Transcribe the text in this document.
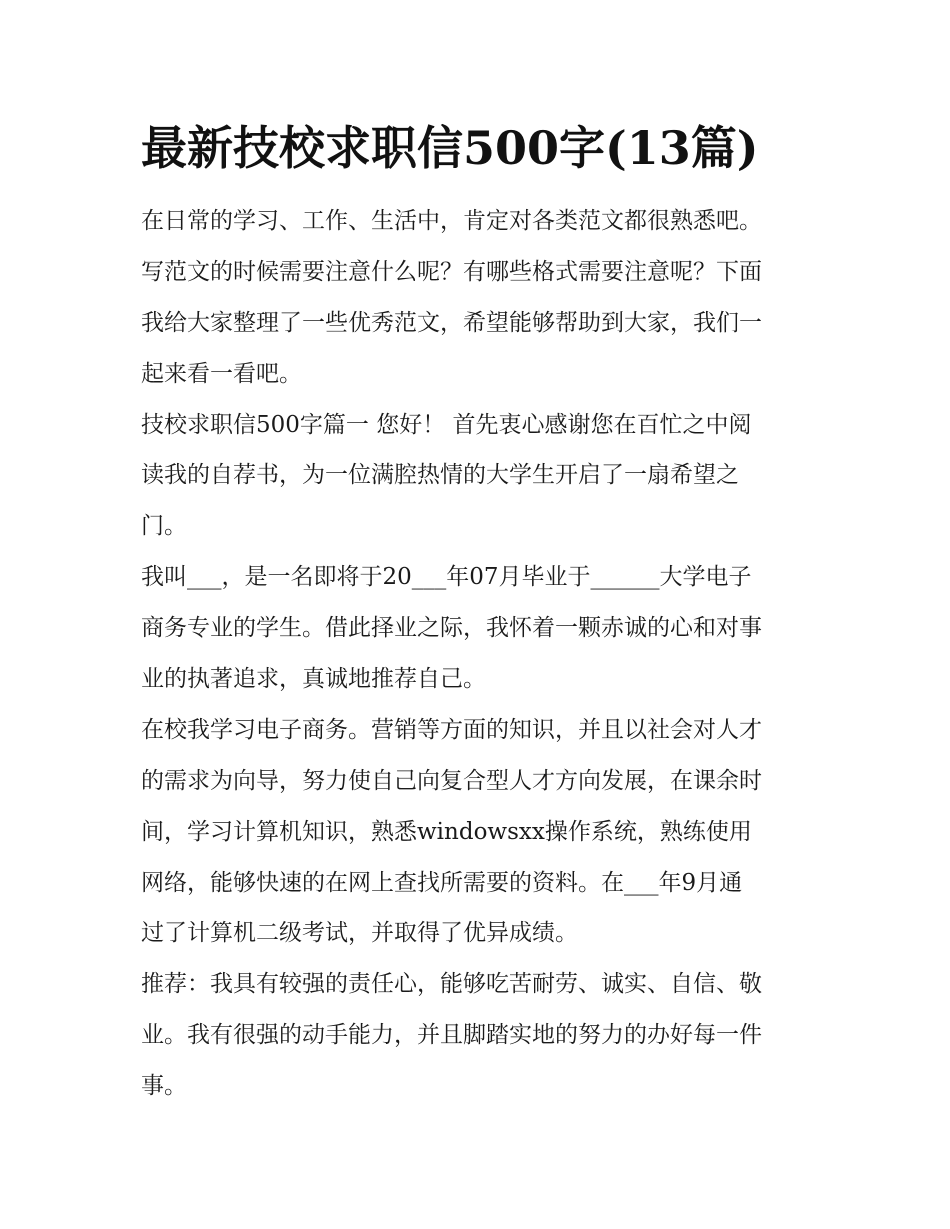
最新技校求职信500字(13篇)
在日常的学习、工作、生活中，肯定对各类范文都很熟悉吧。
写范文的时候需要注意什么呢？有哪些格式需要注意呢？下面
我给大家整理了一些优秀范文，希望能够帮助到大家，我们一
起来看一看吧。
技校求职信500字篇一 您好！ 首先衷心感谢您在百忙之中阅
读我的自荐书，为一位满腔热情的大学生开启了一扇希望之
门。
我叫___，是一名即将于20___年07月毕业于______大学电子
商务专业的学生。借此择业之际，我怀着一颗赤诚的心和对事
业的执著追求，真诚地推荐自己。
在校我学习电子商务。营销等方面的知识，并且以社会对人才
的需求为向导，努力使自己向复合型人才方向发展，在课余时
间，学习计算机知识，熟悉windowsxx操作系统，熟练使用
网络，能够快速的在网上查找所需要的资料。在___年9月通
过了计算机二级考试，并取得了优异成绩。
推荐：我具有较强的责任心，能够吃苦耐劳、诚实、自信、敬
业。我有很强的动手能力，并且脚踏实地的努力的办好每一件
事。
